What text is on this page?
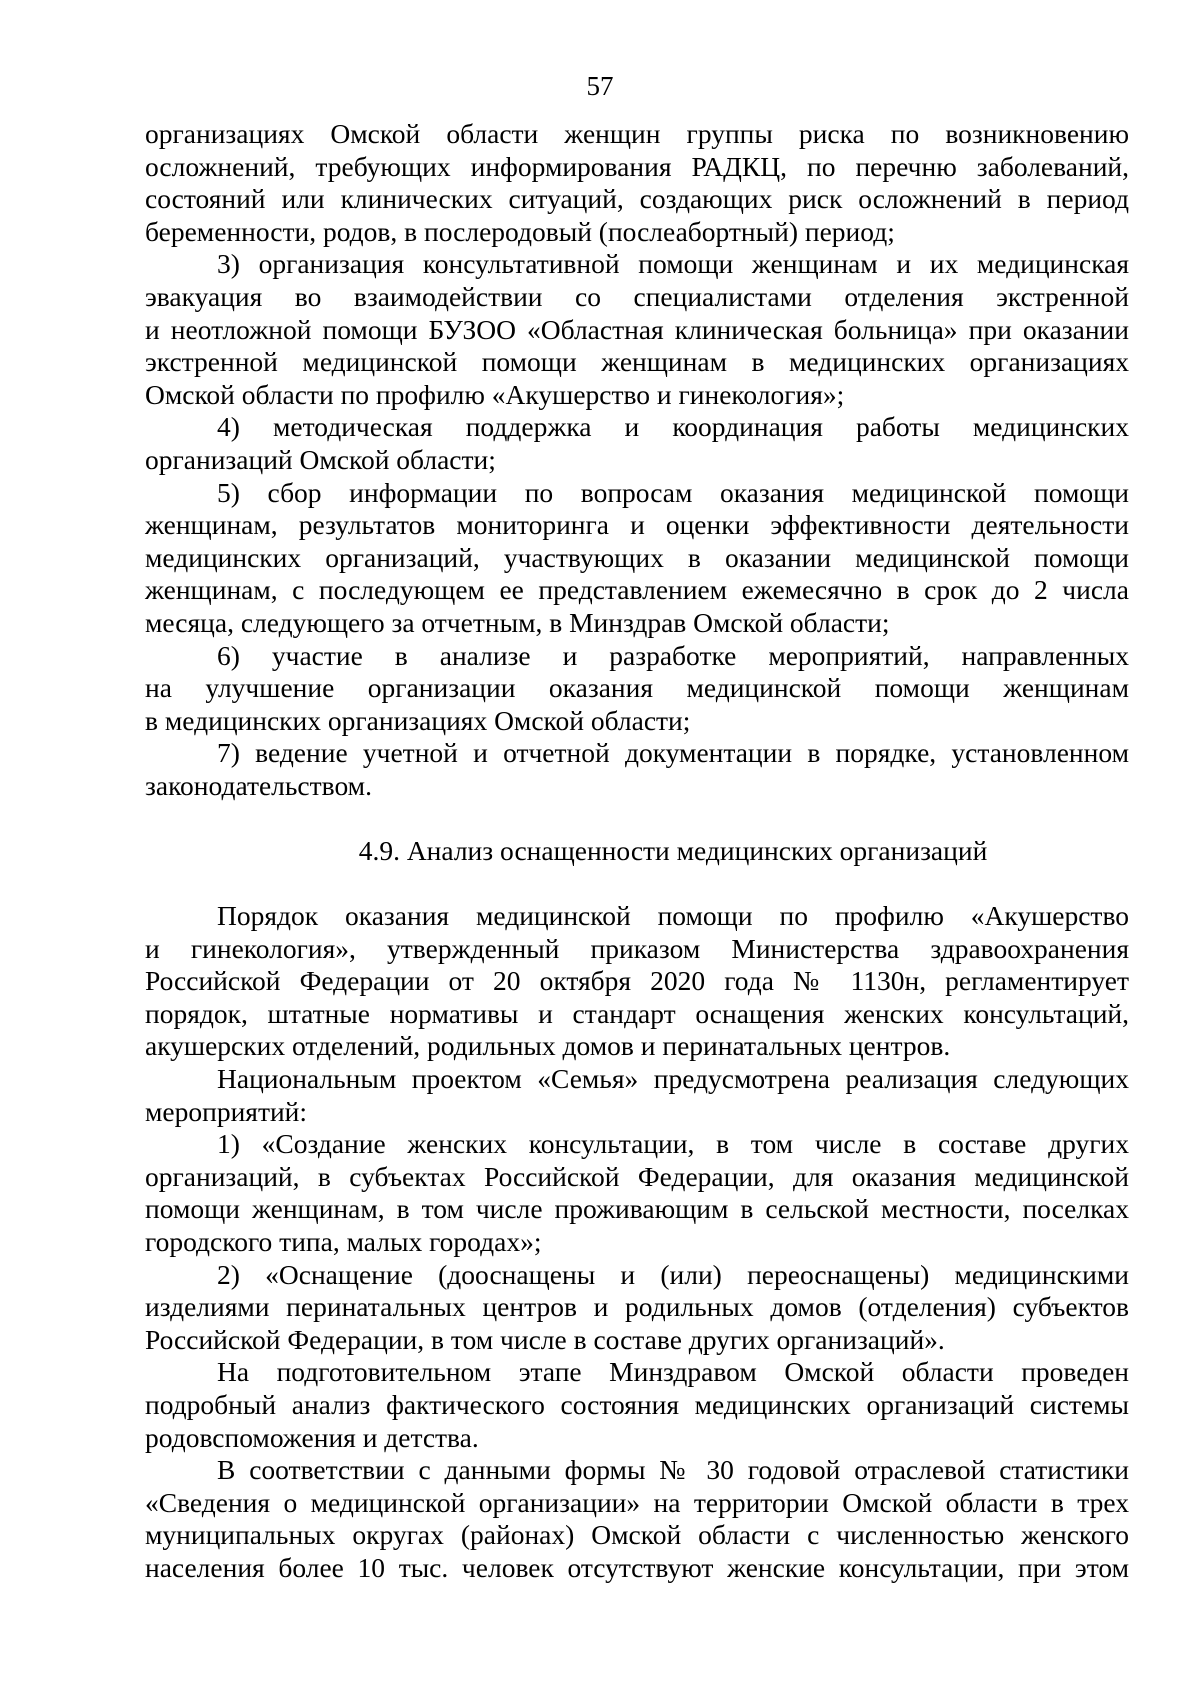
57

организациях Омской области женщин группы риска по возникновению

осложнений, требующих информирования РАДКЦ, по перечню заболеваний,

состояний или клинических ситуаций, создающих риск осложнений в период

беременности, родов, в послеродовый (послеабортный) период;

3) организация консультативной помощи женщинам и их медицинская

эвакуация во взаимодействии со специалистами отделения экстренной

и неотложной помощи БУЗОО «Областная клиническая больница» при оказании

экстренной медицинской помощи женщинам в медицинских организациях

Омской области по профилю «Акушерство и гинекология»;

4) методическая поддержка и координация работы медицинских

организаций Омской области;

5) сбор информации по вопросам оказания медицинской помощи

женщинам, результатов мониторинга и оценки эффективности деятельности

медицинских организаций, участвующих в оказании медицинской помощи

женщинам, с последующем ее представлением ежемесячно в срок до 2 числа

месяца, следующего за отчетным, в Минздрав Омской области;

6) участие в анализе и разработке мероприятий, направленных

на улучшение организации оказания медицинской помощи женщинам

в медицинских организациях Омской области;

7) ведение учетной и отчетной документации в порядке, установленном

законодательством.

4.9. Анализ оснащенности медицинских организаций

Порядок оказания медицинской помощи по профилю «Акушерство

и гинекология», утвержденный приказом Министерства здравоохранения

Российской Федерации от 20 октября 2020 года № 1130н, регламентирует

порядок, штатные нормативы и стандарт оснащения женских консультаций,

акушерских отделений, родильных домов и перинатальных центров.

Национальным проектом «Семья» предусмотрена реализация следующих

мероприятий:

1) «Создание женских консультации, в том числе в составе других

организаций, в субъектах Российской Федерации, для оказания медицинской

помощи женщинам, в том числе проживающим в сельской местности, поселках

городского типа, малых городах»;

2) «Оснащение (дооснащены и (или) переоснащены) медицинскими

изделиями перинатальных центров и родильных домов (отделения) субъектов

Российской Федерации, в том числе в составе других организаций».

На подготовительном этапе Минздравом Омской области проведен

подробный анализ фактического состояния медицинских организаций системы

родовспоможения и детства.

В соответствии с данными формы № 30 годовой отраслевой статистики

«Сведения о медицинской организации» на территории Омской области в трех

муниципальных округах (районах) Омской области с численностью женского

населения более 10 тыс. человек отсутствуют женские консультации, при этом
